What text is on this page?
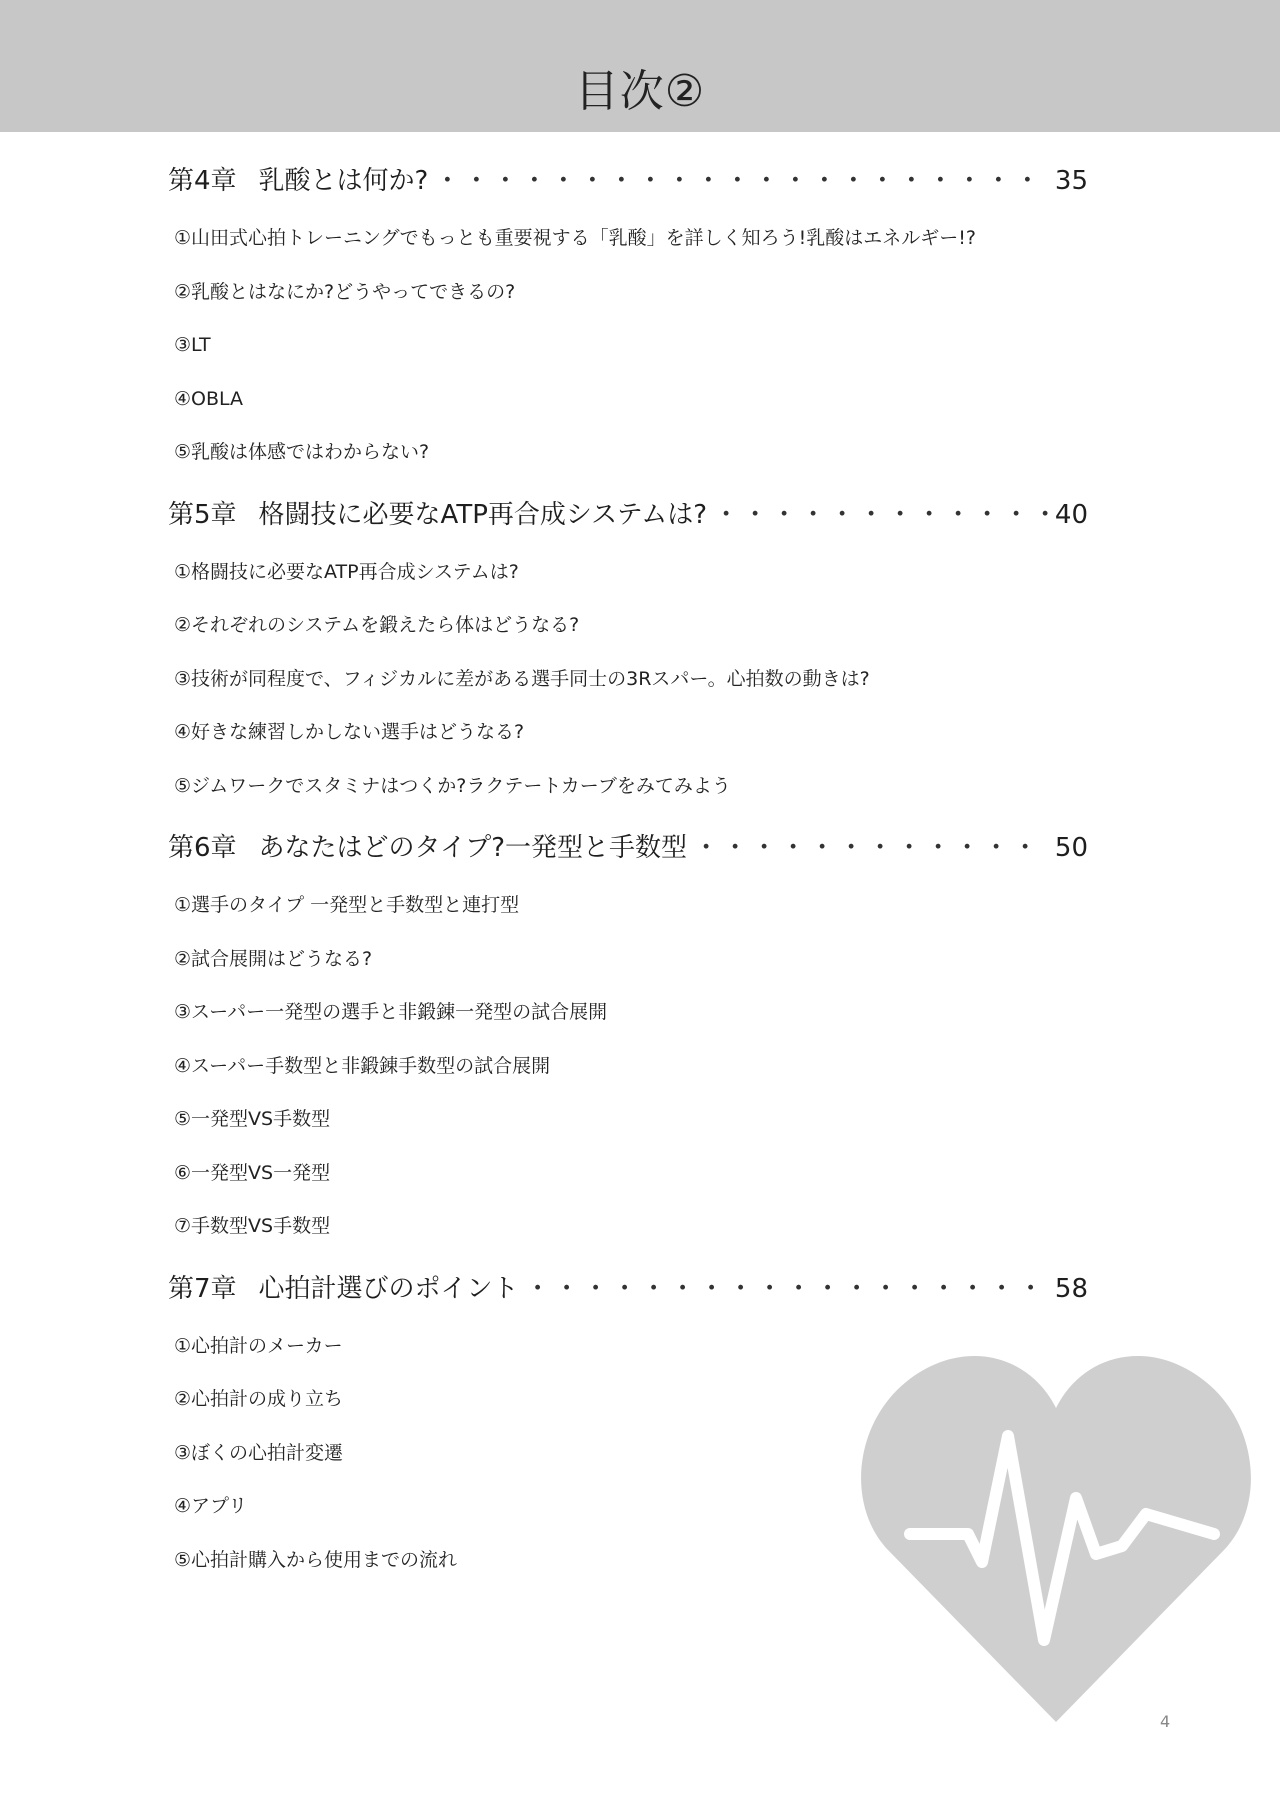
目次②
第4章 乳酸とは何か? ・・・・・・・・・・・・・・・・・・・・・・・・・・・・・・・・・・・・・・・・・・・・・・・・・・・・・・・・・・・	35
①山田式心拍トレーニングでもっとも重要視する「乳酸」を詳しく知ろう!乳酸はエネルギー!?
②乳酸とはなにか?どうやってできるの?
③LT
④OBLA
⑤乳酸は体感ではわからない?
第5章 格闘技に必要なATP再合成システムは? ・・・・・・・・・・・・・・・・・・・・・・・・・・・・・・・・・・・・・・・・・・・・・・・・・・・・・・・・・・・	40
①格闘技に必要なATP再合成システムは?
②それぞれのシステムを鍛えたら体はどうなる?
③技術が同程度で、フィジカルに差がある選手同士の3Rスパー。心拍数の動きは?
④好きな練習しかしない選手はどうなる?
⑤ジムワークでスタミナはつくか?ラクテートカーブをみてみよう
第6章 あなたはどのタイプ?一発型と手数型 ・・・・・・・・・・・・・・・・・・・・・・・・・・・・・・・・・・・・・・・・・・・・・・・・・・・・・・・・・・・	50
①選手のタイプ 一発型と手数型と連打型
②試合展開はどうなる?
③スーパー一発型の選手と非鍛錬一発型の試合展開
④スーパー手数型と非鍛錬手数型の試合展開
⑤一発型VS手数型
⑥一発型VS一発型
⑦手数型VS手数型
第7章 心拍計選びのポイント ・・・・・・・・・・・・・・・・・・・・・・・・・・・・・・・・・・・・・・・・・・・・・・・・・・・・・・・・・・・	58
①心拍計のメーカー
②心拍計の成り立ち
③ぼくの心拍計変遷
④アプリ
⑤心拍計購入から使用までの流れ
4
